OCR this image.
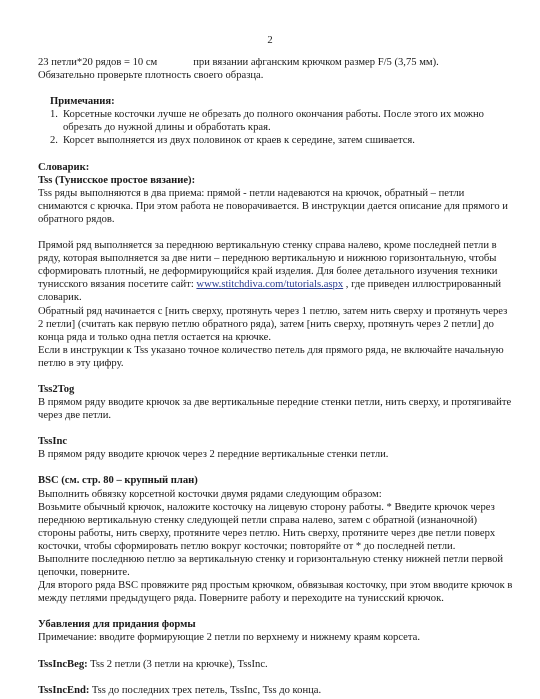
2

23 петли*20 рядов = 10 см	при вязании афганским крючком размер F/5 (3,75 мм).

Обязательно проверьте плотность своего образца.

Примечания:

1. Корсетные косточки лучше не обрезать до полного окончания работы. После этого их можно обрезать до нужной длины и обработать края.
2. Корсет выполняется из двух половинок от краев к середине, затем сшивается.

Словарик:

Tss (Тунисское простое вязание):

Tss ряды выполняются в два приема: прямой - петли надеваются на крючок, обратный – петли снимаются с крючка. При этом работа не поворачивается. В инструкции дается описание для прямого и обратного рядов.

Прямой ряд выполняется за переднюю вертикальную стенку справа налево, кроме последней петли в ряду, которая выполняется за две нити – переднюю вертикальную и нижнюю горизонтальную, чтобы сформировать плотный, не деформирующийся край изделия. Для более детального изучения техники тунисского вязания посетите сайт: www.stitchdiva.com/tutorials.aspx , где приведен иллюстрированный словарик.

Обратный ряд начинается с [нить сверху, протянуть через 1 петлю, затем нить сверху и протянуть через 2 петли] (считать как первую петлю обратного ряда), затем [нить сверху, протянуть через 2 петли] до конца ряда и только одна петля остается на крючке.

Если в инструкции к Tss указано точное количество петель для прямого ряда, не включайте начальную петлю в эту цифру.

Tss2Tog

В прямом ряду вводите крючок за две вертикальные передние стенки петли, нить сверху, и протягивайте через две петли.

TssInc

В прямом ряду вводите крючок через 2 передние вертикальные стенки петли.

BSC (см. стр. 80 – крупный план)

Выполнить обвязку корсетной косточки двумя рядами следующим образом:

Возьмите обычный крючок, наложите косточку на лицевую сторону работы. * Введите крючок через переднюю вертикальную стенку следующей петли справа налево, затем с обратной (изнаночной) стороны работы, нить сверху, протяните через петлю. Нить сверху, протяните через две петли поверх косточки, чтобы сформировать петлю вокруг косточки; повторяйте от * до последней петли.

Выполните последнюю петлю за вертикальную стенку и горизонтальную стенку нижней петли первой цепочки, поверните.

Для второго ряда BSC провяжите ряд простым крючком, обвязывая косточку, при этом вводите крючок в между петлями предыдущего ряда. Поверните работу и переходите на тунисский крючок.

Убавления для придания формы

Примечание: вводите формирующие 2 петли по верхнему и нижнему краям корсета.

TssIncBeg: Tss 2 петли (3 петли на крючке), TssInc.

TssIncEnd: Tss до последних трех петель, TssInc, Tss до конца.
